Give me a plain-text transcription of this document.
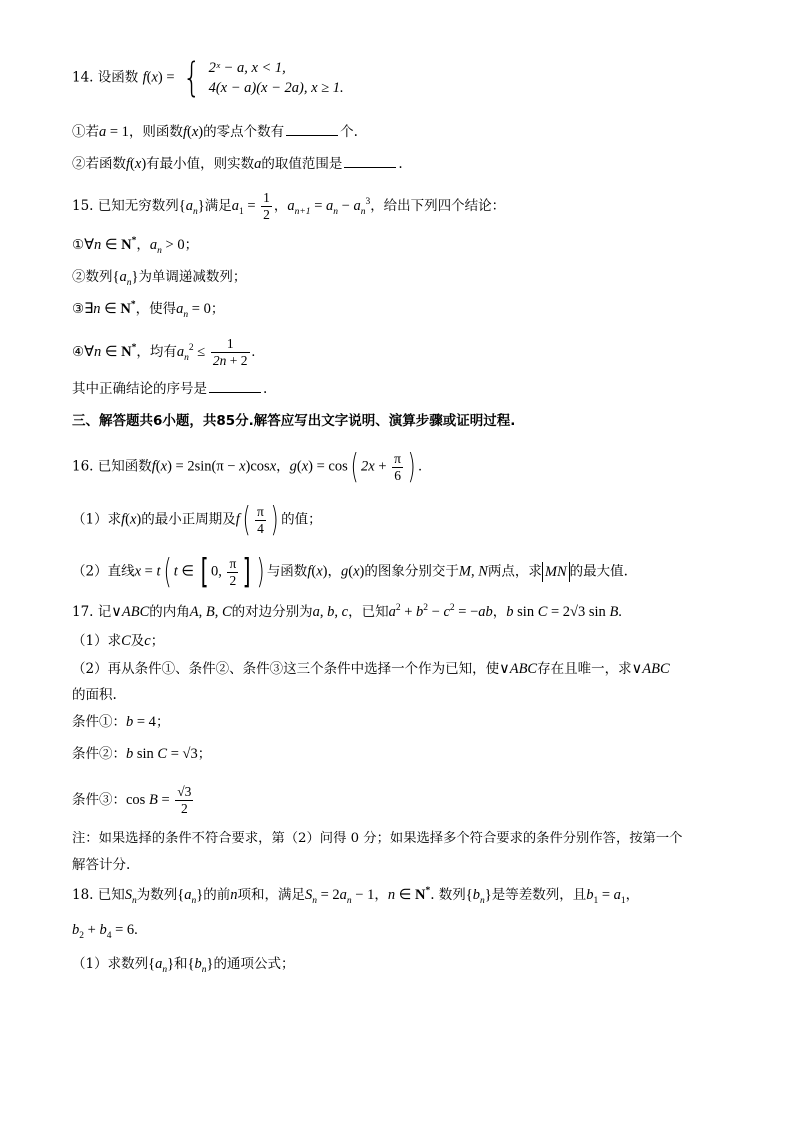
14. 设函数 f(x) = { 2ˣ − a, x < 1,
4(x − a)(x − 2a), x ≥ 1.
①若a = 1，则函数f(x)的零点个数有	个.
②若函数f(x)有最小值，则实数a的取值范围是	.
15. 已知无穷数列$\{a_n\}$满足$a_1 = \frac{1}{2}$ ，$a_{n+1} = a_n - a_n^3$，给出下列四个结论：
①∀n ∈ N*，$a_n > 0$；
②数列$\{a_n\}$为单调递减数列；
③∃n ∈ N*，使得$a_n = 0$；
④∀n ∈ N*，均有$a_n^2 \le \frac{1}{2n + 2}$ .
其中正确结论的序号是	.
三、解答题共6小题，共85分.解答应写出文字说明、演算步骤或证明过程.
16. 已知函数f(x) = 2sin(π − x)cosx，g(x) = cos( $2x + \frac{\pi}{6}$ ) .
（1）求f(x)的最小正周期及$f( \frac{\pi}{4}$ ) 的值；
（2）直线x = t( t ∈ [ 0, $\frac{\pi}{2}$ ] ) 与函数f(x)，g(x)的图象分别交于M, N两点，求 MN 的最大值.
17. 记∨ABC的内角A, B, C的对边分别为a, b, c，已知$a^2 + b^2 - c^2 = -ab$，b sin C = 2√3 sin B.
（1）求C及c；
（2）再从条件①、条件②、条件③这三个条件中选择一个作为已知，使∨ABC存在且唯一，求∨ABC
的面积.
条件①：b = 4；
条件②：b sin C = √3；
条件③：$\cos B = \frac{√3}{2}$
注：如果选择的条件不符合要求，第（2）问得 0 分；如果选择多个符合要求的条件分别作答，按第一个
解答计分.
18. 已知$S_n$为数列$\{a_n\}$的前n项和，满足$S_n = 2a_n - 1$，n ∈ N*. 数列$\{b_n\}$是等差数列，且$b_1 = a_1$，
$b_2 + b_4 = 6$.
（1）求数列$\{a_n\}$和$\{b_n\}$的通项公式；
